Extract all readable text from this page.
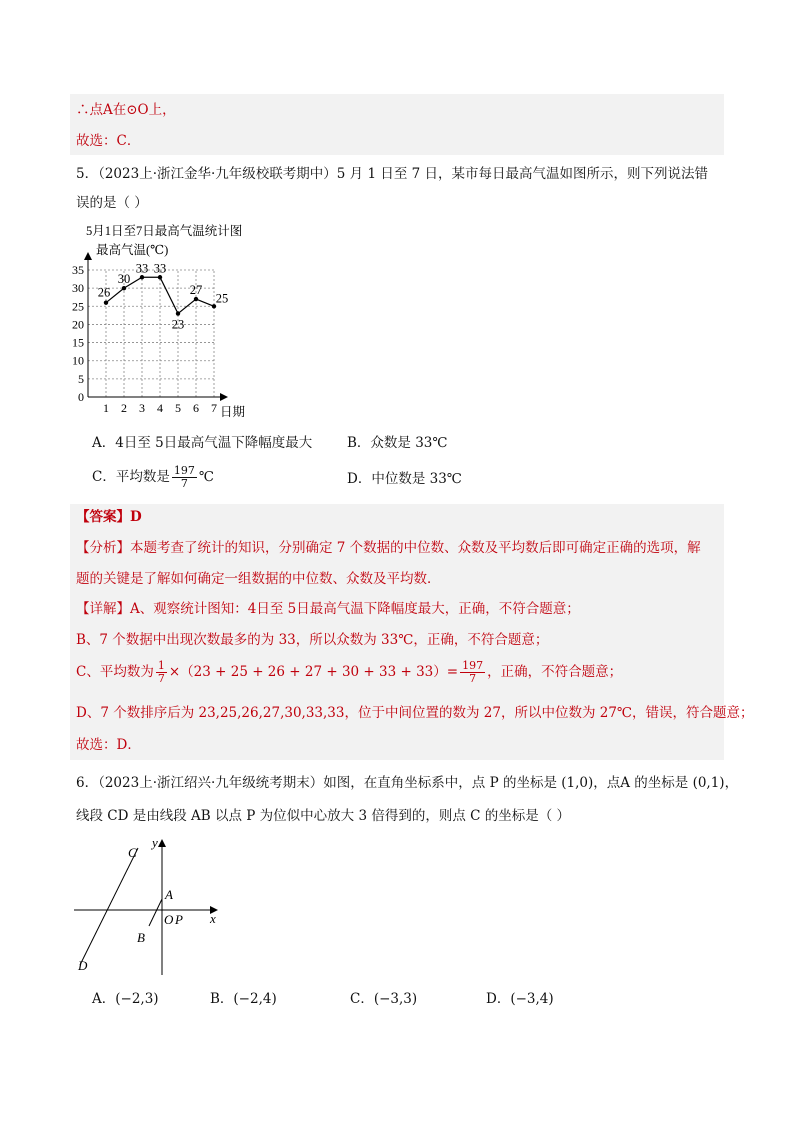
∴点A在⊙O上，
故选：C．
5．（2023上·浙江金华·九年级校联考期中）5 月 1 日至 7 日，某市每日最高气温如图所示，则下列说法错
误的是（ ）
5月1日至7日最高气温统计图
最高气温(℃)
日期
0
5
10
15
20
25
30
35
1 2 3 4 5 6 7
26
30
33 33
23
27
25
A．4日至 5日最高气温下降幅度最大	B．众数是 33℃
C．平均数是 $\frac{197}{7}$ ℃	D．中位数是 33℃
【答案】D
【分析】本题考查了统计的知识，分别确定 7 个数据的中位数、众数及平均数后即可确定正确的选项，解
题的关键是了解如何确定一组数据的中位数、众数及平均数．
【详解】A、观察统计图知：4日至 5日最高气温下降幅度最大，正确，不符合题意；
B、7 个数据中出现次数最多的为 33，所以众数为 33℃，正确，不符合题意；
C、平均数为 $\frac{1}{7} \times(23 + 25 + 26 + 27 + 30 + 33 + 33)= \frac{197}{7}$ ，正确，不符合题意；
D、7 个数排序后为 23,25,26,27,30,33,33，位于中间位置的数为 27，所以中位数为 27℃，错误，符合题意；
故选：D．
6．（2023上·浙江绍兴·九年级统考期末）如图，在直角坐标系中，点 P 的坐标是 (1,0)，点A 的坐标是 (0,1)，
线段 CD 是由线段 AB 以点 P 为位似中心放大 3 倍得到的，则点 C 的坐标是（ ）
C
D
A
B
O P x
y
A．(−2,3)	B．(−2,4)	C．(−3,3)	D．(−3,4)
